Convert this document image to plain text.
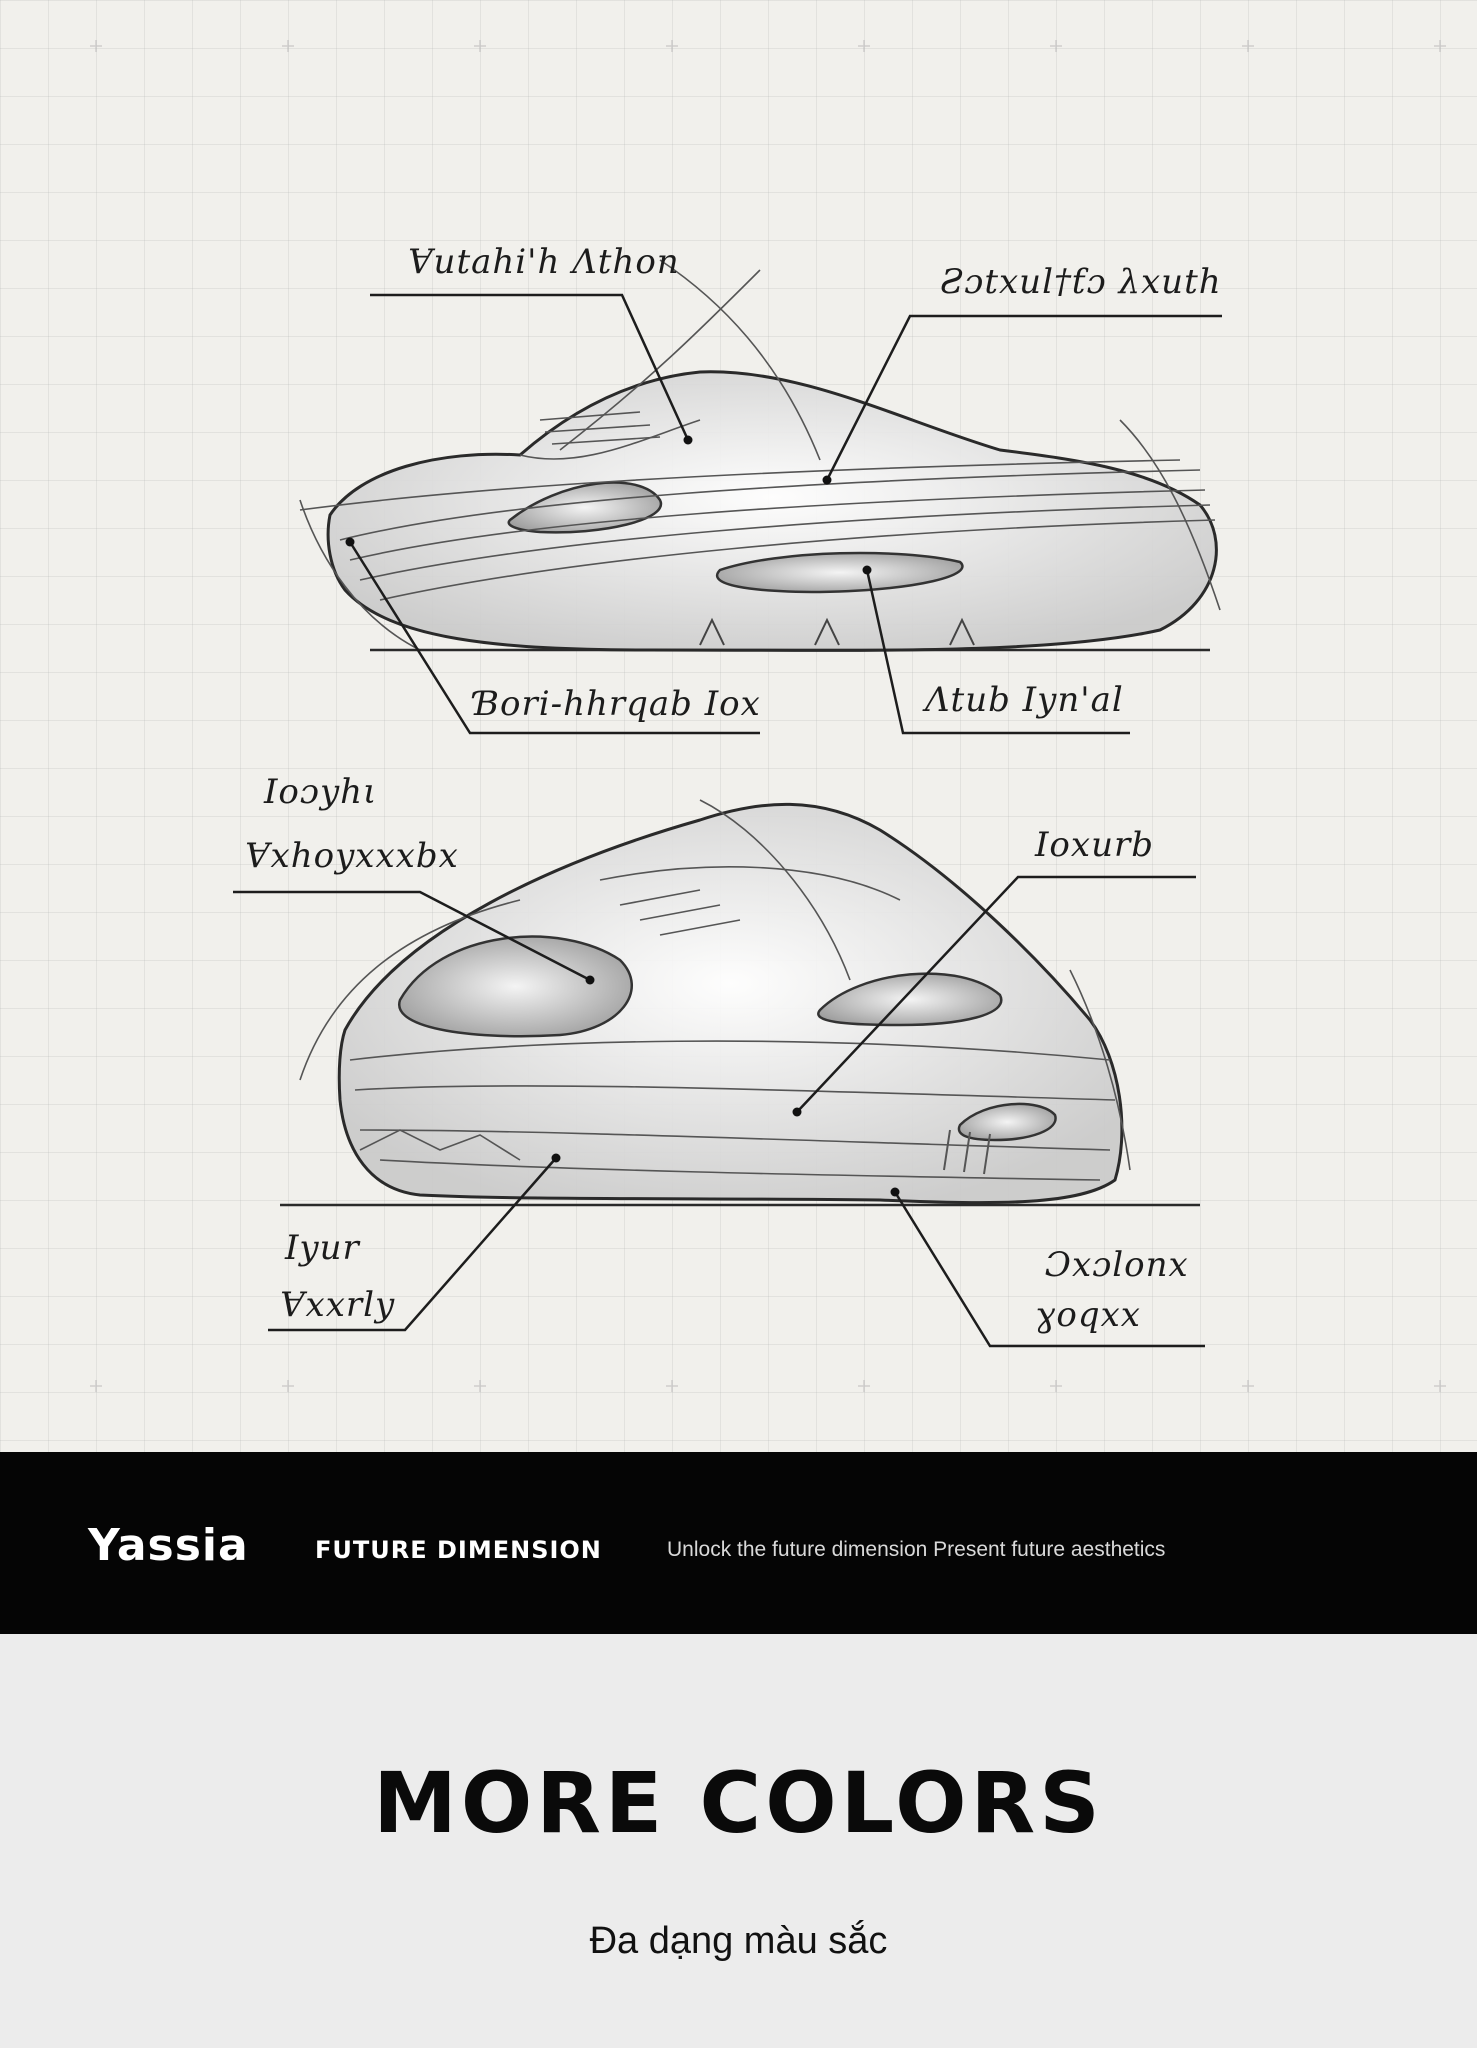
Ɐutahi'h Λthon	Ƨɔtxul†ƭɔ λxuth
Ɓori-hhrqab Ιox	Λtub Ιyn'al
Ιoɔyhι
Ɐxhoyxxxbx	Ιoxurb
Ιyur
Ɐxxrly
Ɔxɔlonx
ɣoqxx
Yassia	FUTURE DIMENSION	Unlock the future dimension Present future aesthetics
MORE COLORS
Đa dạng màu sắc
